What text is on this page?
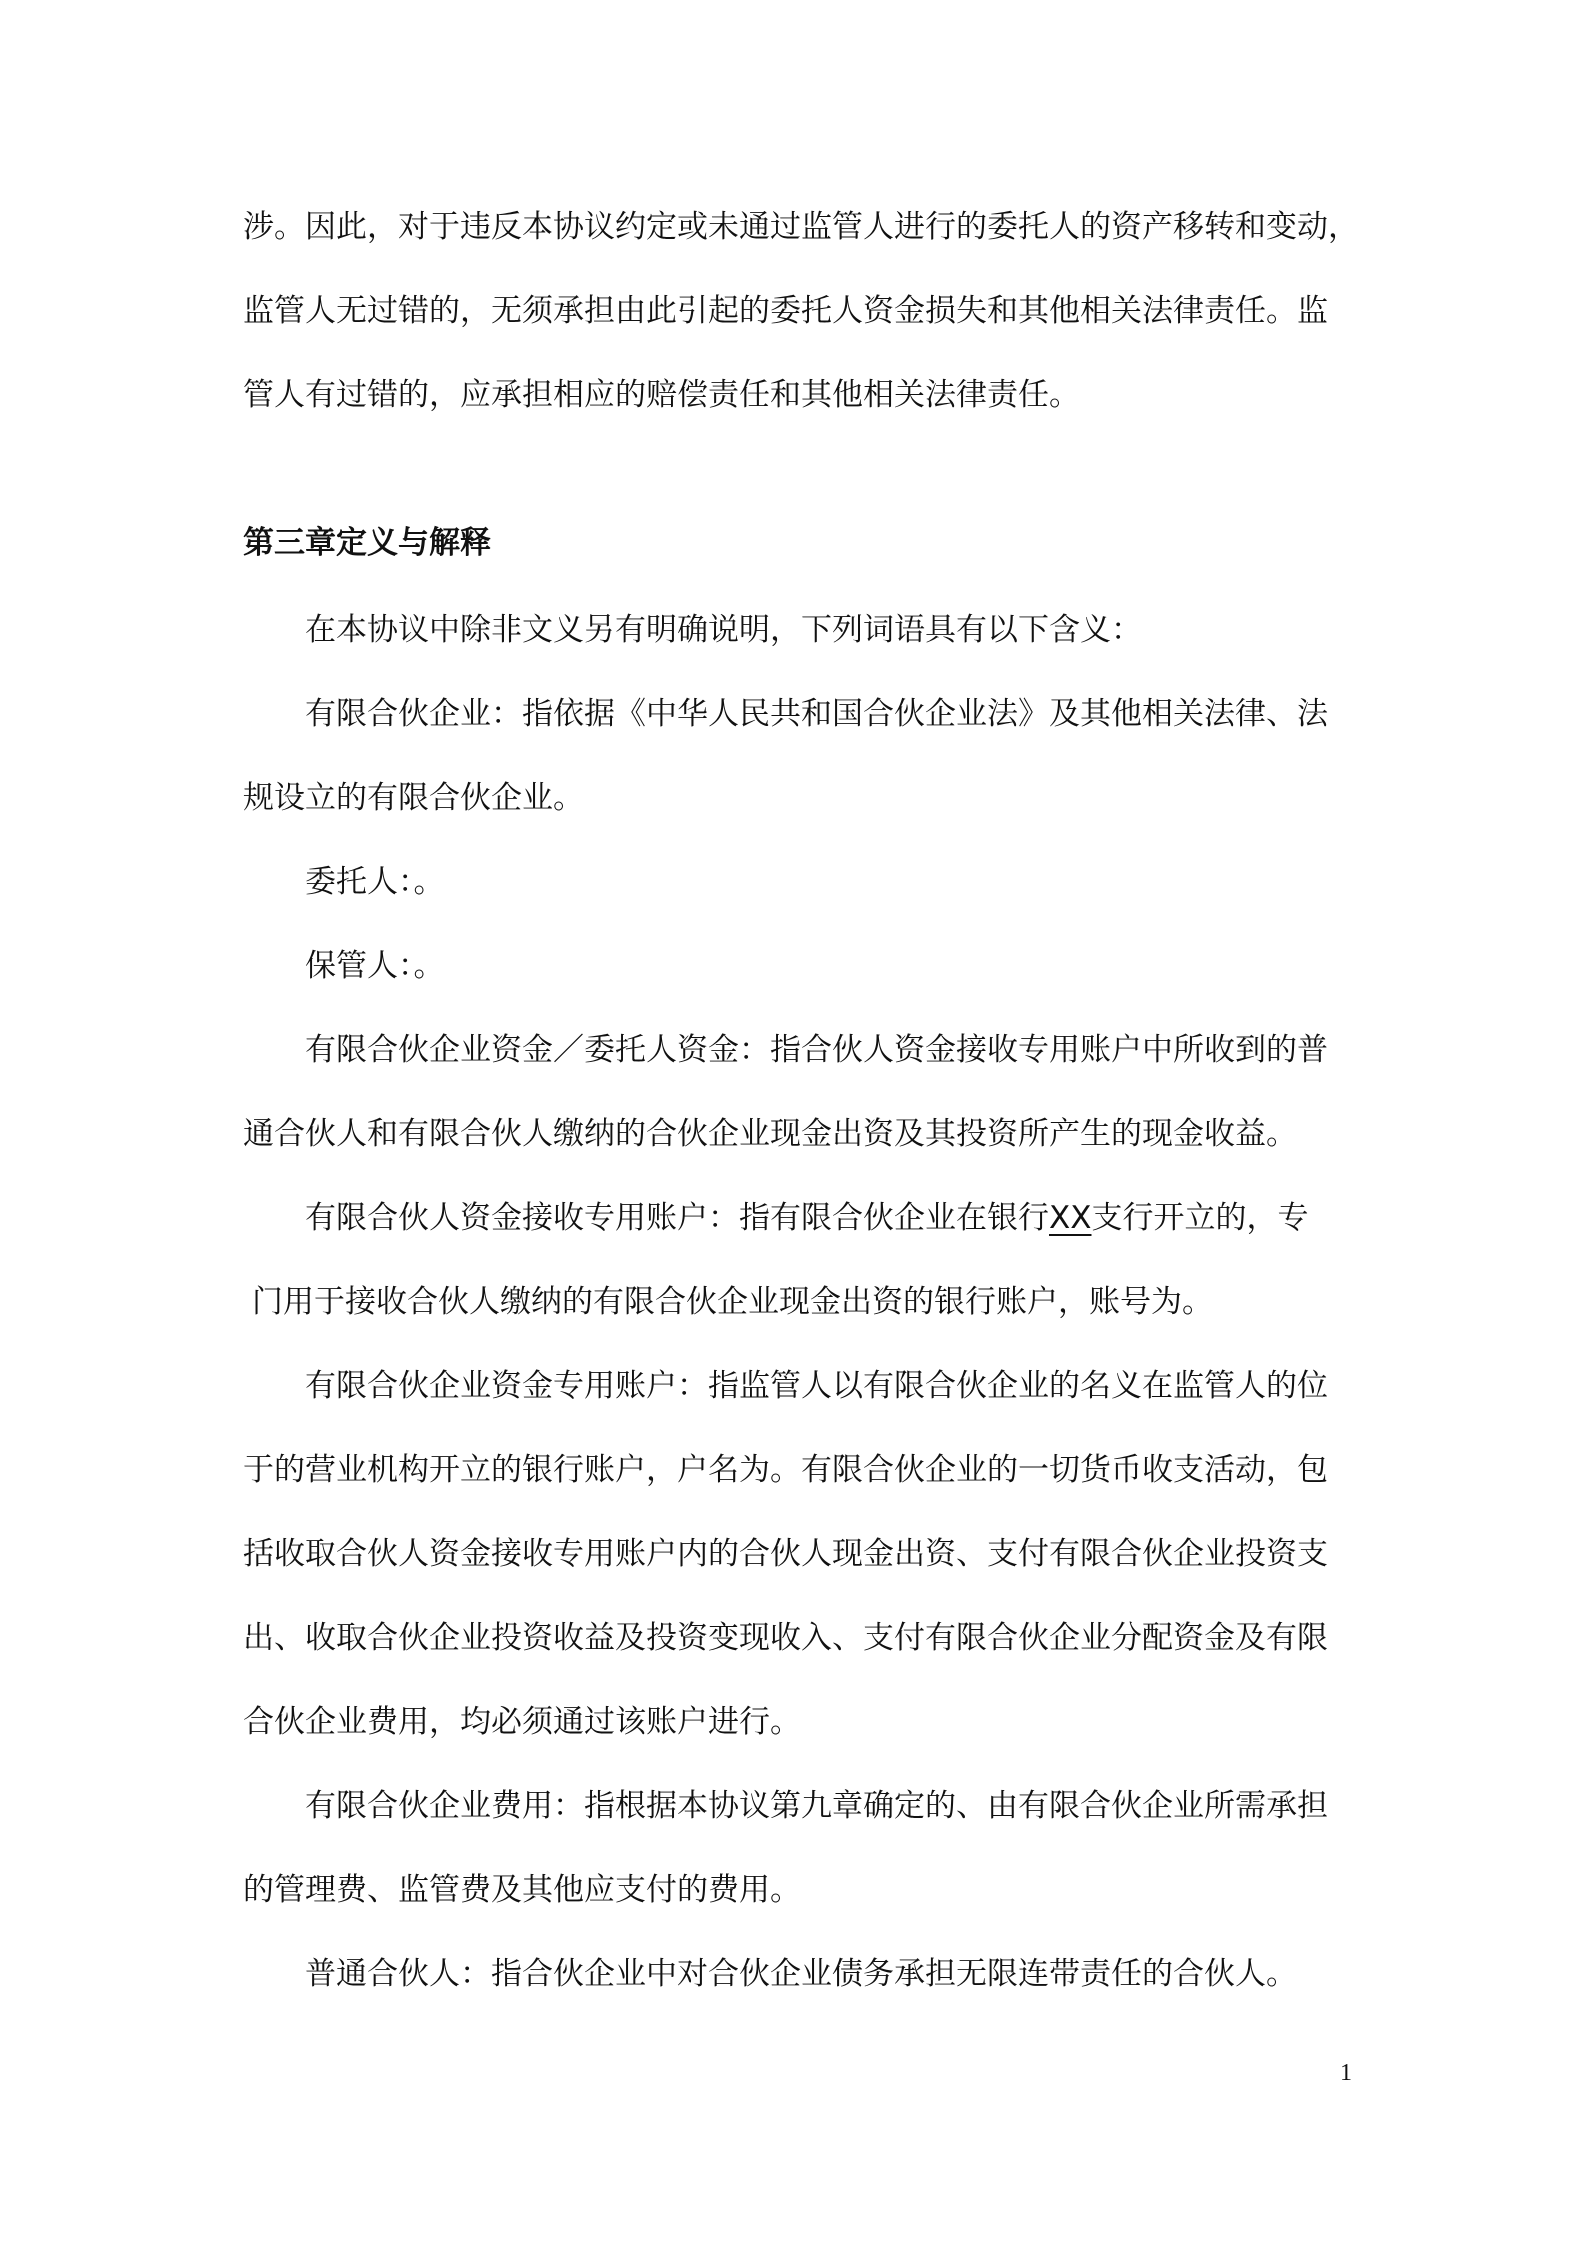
涉。因此，对于违反本协议约定或未通过监管人进行的委托人的资产移转和变动，
监管人无过错的，无须承担由此引起的委托人资金损失和其他相关法律责任。监
管人有过错的，应承担相应的赔偿责任和其他相关法律责任。
第三章定义与解释
在本协议中除非文义另有明确说明，下列词语具有以下含义：
有限合伙企业：指依据《中华人民共和国合伙企业法》及其他相关法律、法
规设立的有限合伙企业。
委托人：。
保管人：。
有限合伙企业资金／委托人资金：指合伙人资金接收专用账户中所收到的普
通合伙人和有限合伙人缴纳的合伙企业现金出资及其投资所产生的现金收益。
有限合伙人资金接收专用账户：指有限合伙企业在银行XX支行开立的，专
门用于接收合伙人缴纳的有限合伙企业现金出资的银行账户，账号为。
有限合伙企业资金专用账户：指监管人以有限合伙企业的名义在监管人的位
于的营业机构开立的银行账户，户名为。有限合伙企业的一切货币收支活动，包
括收取合伙人资金接收专用账户内的合伙人现金出资、支付有限合伙企业投资支
出、收取合伙企业投资收益及投资变现收入、支付有限合伙企业分配资金及有限
合伙企业费用，均必须通过该账户进行。
有限合伙企业费用：指根据本协议第九章确定的、由有限合伙企业所需承担
的管理费、监管费及其他应支付的费用。
普通合伙人：指合伙企业中对合伙企业债务承担无限连带责任的合伙人。
1
